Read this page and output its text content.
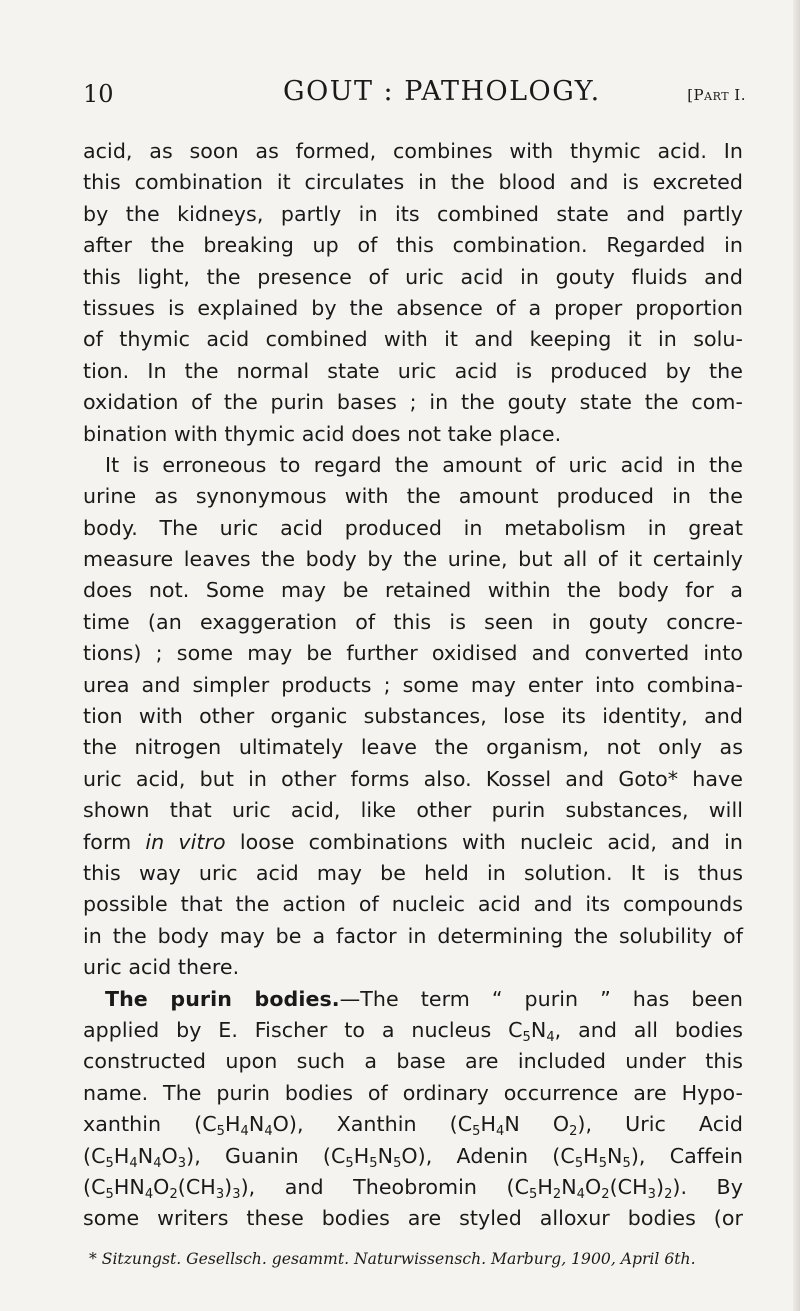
10	GOUT : PATHOLOGY.	[PART I.
acid, as soon as formed, combines with thymic acid. In
this combination it circulates in the blood and is excreted
by the kidneys, partly in its combined state and partly
after the breaking up of this combination. Regarded in
this light, the presence of uric acid in gouty fluids and
tissues is explained by the absence of a proper proportion
of thymic acid combined with it and keeping it in solu-
tion. In the normal state uric acid is produced by the
oxidation of the purin bases ; in the gouty state the com-
bination with thymic acid does not take place.
It is erroneous to regard the amount of uric acid in the
urine as synonymous with the amount produced in the
body. The uric acid produced in metabolism in great
measure leaves the body by the urine, but all of it certainly
does not. Some may be retained within the body for a
time (an exaggeration of this is seen in gouty concre-
tions) ; some may be further oxidised and converted into
urea and simpler products ; some may enter into combina-
tion with other organic substances, lose its identity, and
the nitrogen ultimately leave the organism, not only as
uric acid, but in other forms also. Kossel and Goto* have
shown that uric acid, like other purin substances, will
form in vitro loose combinations with nucleic acid, and in
this way uric acid may be held in solution. It is thus
possible that the action of nucleic acid and its compounds
in the body may be a factor in determining the solubility of
uric acid there.
The purin bodies.—The term “ purin ” has been
applied by E. Fischer to a nucleus $C_5N_4$, and all bodies
constructed upon such a base are included under this
name. The purin bodies of ordinary occurrence are Hypo-
xanthin $(C_5H_4N_4O)$, Xanthin ($C_5H_4N$ $O_2$), Uric Acid
$(C_5H_4N_4O_3)$, Guanin $(C_5H_5N_5O)$, Adenin $(C_5H_5N_5)$, Caffein
$(C_5HN_4O_2(CH_3)_3)$, and Theobromin $(C_5H_2N_4O_2(CH_3)_2)$. By
some writers these bodies are styled alloxur bodies (or
* Sitzungst. Gesellsch. gesammt. Naturwissensch. Marburg, 1900, April 6th.
